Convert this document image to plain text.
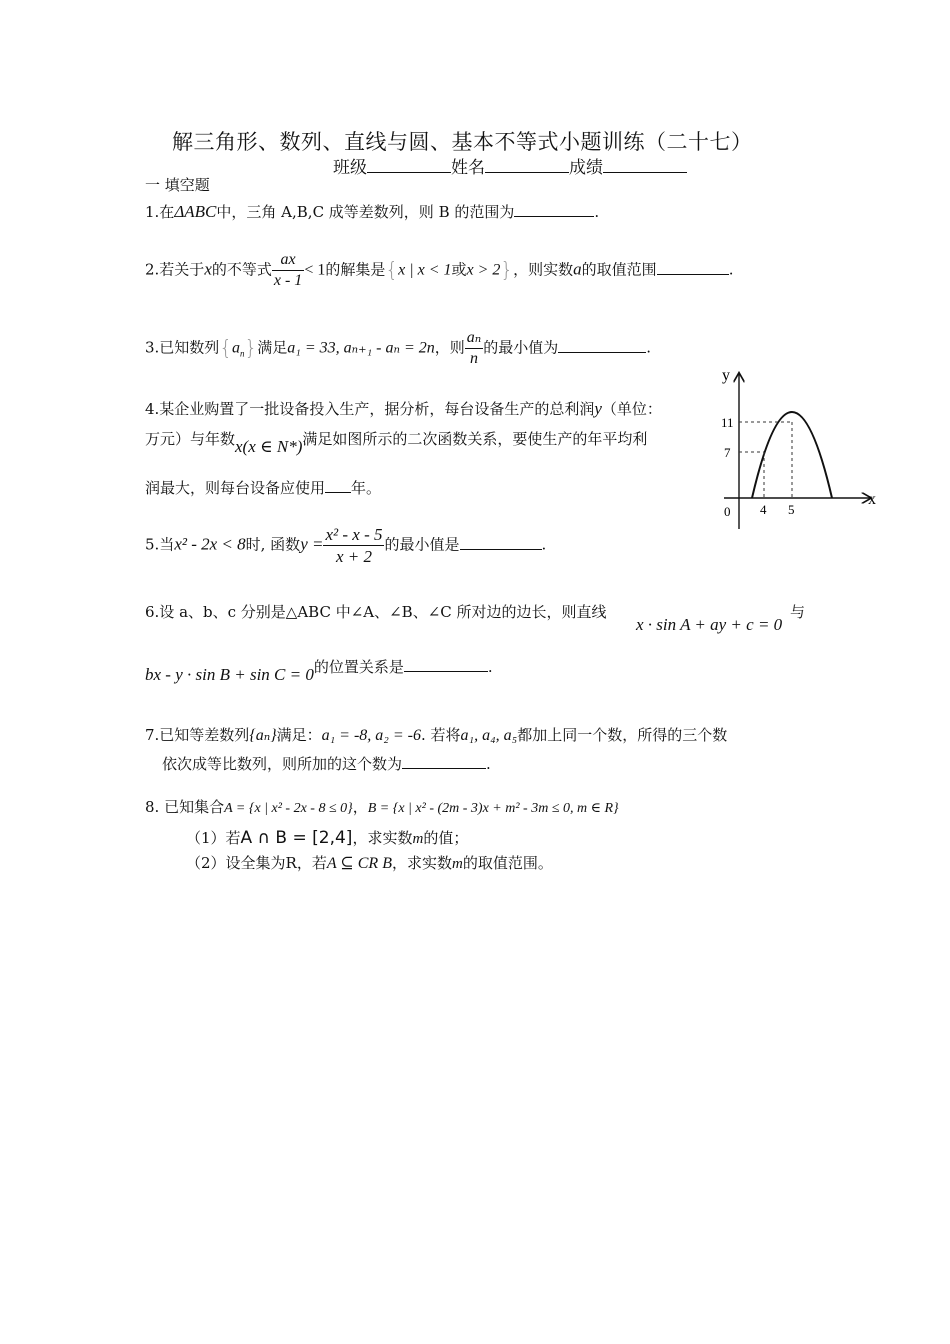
解三角形、数列、直线与圆、基本不等式小题训练（二十七）
班级	姓名	成绩
一 填空题
1.在ΔABC中，三角 A,B,C 成等差数列，则 B 的范围为	.
2.若关于x的不等式 $\frac{ax}{x - 1} < 1$的解集是{x | x < 1或x > 2}，则实数a的取值范围	.
3.已知数列$\{a_n\}$满足a₁ = 33, aₙ₊₁ - aₙ = 2n，则 $\frac{\text{aₙ}}{n}$ 的最小值为	.
4.某企业购置了一批设备投入生产，据分析，每台设备生产的总利润y（单位：
万元）与年数x(x ∈ N*)满足如图所示的二次函数关系，要使生产的年平均利
润最大，则每台设备应使用 年。
y
x
0
11
7
4 5
5.当x² - 2x < 8时, 函数$y = \frac{\text{x² - x - 5}}{x + 2}$ 的最小值是	.
6.设 a、b、c 分别是△ABC 中∠A、∠B、∠C 所对边的边长，则直线
x · sin A + ay + c = 0
与
bx - y · sin B + sin C = 0的位置关系是	.
7.已知等差数列{aₙ}满足：a₁ = -8, a₂ = -6. 若将a₁, a₄, a₅都加上同一个数，所得的三个数
依次成等比数列，则所加的这个数为	.
8. 已知集合A = {x | x² - 2x - 8 ≤ 0}，B = {x | x² - (2m - 3)x + m² - 3m ≤ 0, m ∈ R}
（1）若A ∩ B = [2,4]，求实数m的值；
（2）设全集为R，若A ⊆ CR B，求实数m的取值范围。
